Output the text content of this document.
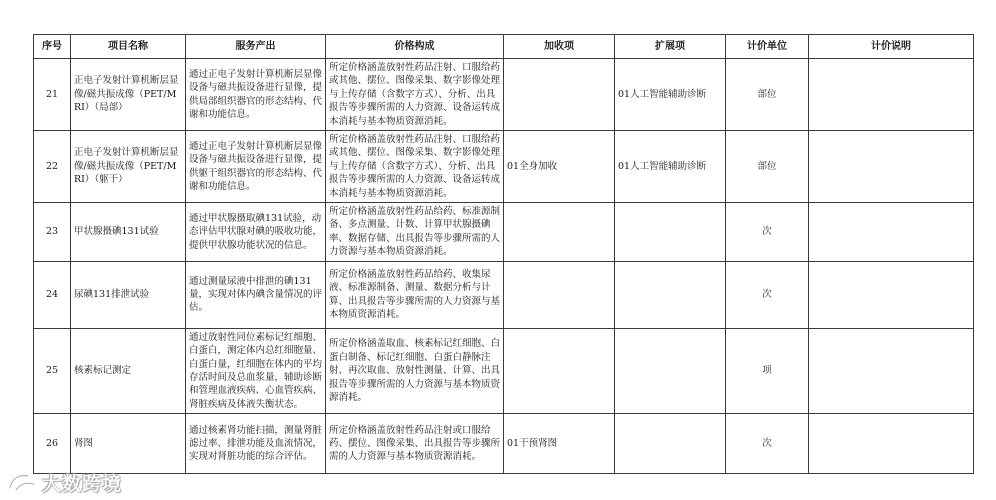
序号	项目名称	服务产出	价格构成	加收项	扩展项	计价单位	计价说明
21	正电子发射计算机断层显像/磁共振成像（PET/MRI）（局部）	通过正电子发射计算机断层显像设备与磁共振设备进行显像，提供局部组织器官的形态结构、代谢和功能信息。	所定价格涵盖放射性药品注射、口服给药或其他、摆位、图像采集、数字影像处理与上传存储（含数字方式）、分析、出具报告等步骤所需的人力资源、设备运转成本消耗与基本物质资源消耗。		01人工智能辅助诊断	部位	
22	正电子发射计算机断层显像/磁共振成像（PET/MRI）（躯干）	通过正电子发射计算机断层显像设备与磁共振设备进行显像，提供躯干组织器官的形态结构、代谢和功能信息。	所定价格涵盖放射性药品注射、口服给药或其他、摆位、图像采集、数字影像处理与上传存储（含数字方式）、分析、出具报告等步骤所需的人力资源、设备运转成本消耗与基本物质资源消耗。	01全身加收	01人工智能辅助诊断	部位	
23	甲状腺摄碘131试验	通过甲状腺摄取碘131试验，动态评估甲状腺对碘的吸收功能，提供甲状腺功能状况的信息。	所定价格涵盖放射性药品给药、标准源制备、多点测量、计数、计算甲状腺摄碘率、数据存储、出具报告等步骤所需的人力资源与基本物质资源消耗。			次	
24	尿碘131排泄试验	通过测量尿液中排泄的碘131量，实现对体内碘含量情况的评估。	所定价格涵盖放射性药品给药、收集尿液、标准源制备、测量、数据分析与计算、出具报告等步骤所需的人力资源与基本物质资源消耗。			次	
25	核素标记测定	通过放射性同位素标记红细胞、白蛋白，测定体内总红细胞量、白蛋白量，红细胞在体内的平均存活时间及总血浆量，辅助诊断和管理血液疾病、心血管疾病、肾脏疾病及体液失衡状态。	所定价格涵盖取血、核素标记红细胞、白蛋白制备、标记红细胞、白蛋白静脉注射、再次取血、放射性测量、计算、出具报告等步骤所需的人力资源与基本物质资源消耗。			项	
26	肾图	通过核素肾功能扫描，测量肾脏滤过率、排泄功能及血流情况，实现对肾脏功能的综合评估。	所定价格涵盖放射性药品注射或口服给药、摆位、图像采集、出具报告等步骤所需的人力资源与基本物质资源消耗。	01干预肾图		次	
大数跨境
